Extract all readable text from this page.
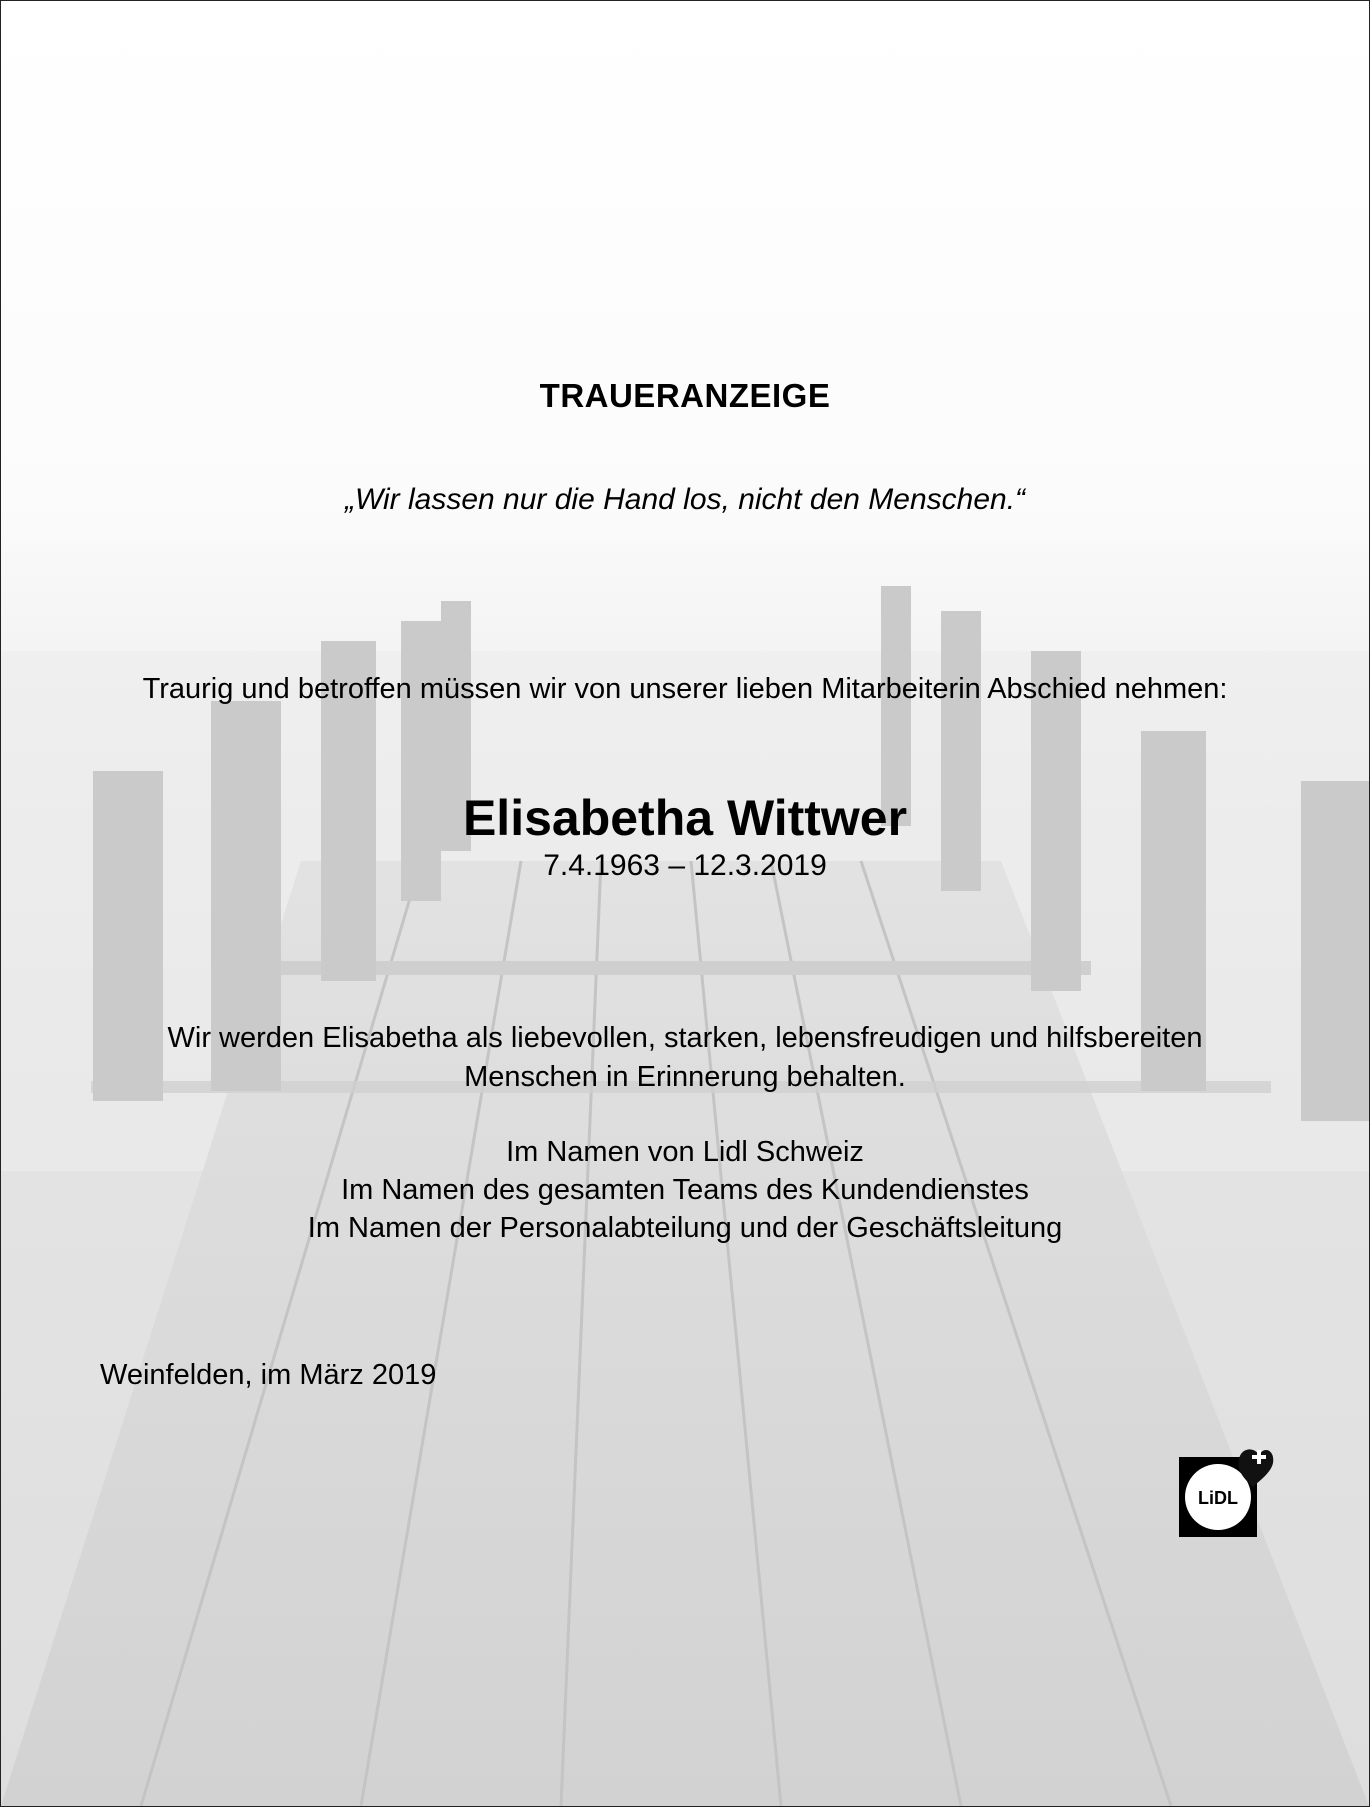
TRAUERANZEIGE
„Wir lassen nur die Hand los, nicht den Menschen.“
Traurig und betroffen müssen wir von unserer lieben Mitarbeiterin Abschied nehmen:
Elisabetha Wittwer
7.4.1963 – 12.3.2019
Wir werden Elisabetha als liebevollen, starken, lebensfreudigen und hilfsbereiten
Menschen in Erinnerung behalten.
Im Namen von Lidl Schweiz
Im Namen des gesamten Teams des Kundendienstes
Im Namen der Personalabteilung und der Geschäftsleitung
Weinfelden, im März 2019
LiDL
